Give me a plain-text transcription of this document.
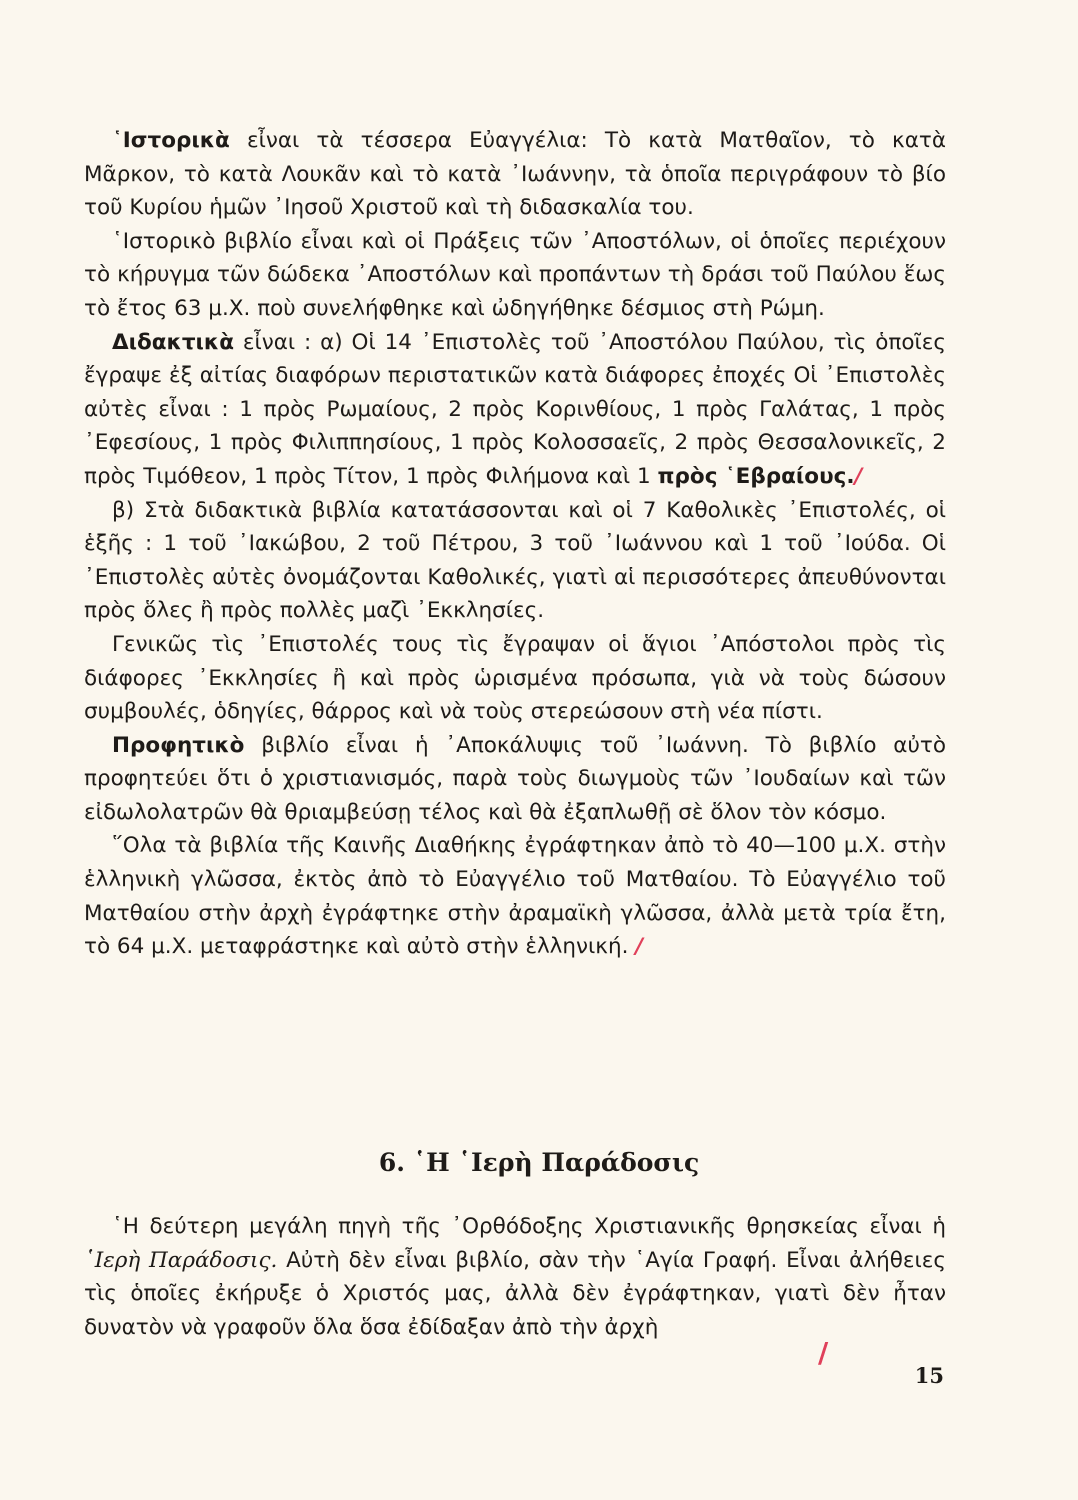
῾Ιστορικὰ εἶναι τὰ τέσσερα Εὐαγγέλια: Τὸ κατὰ Ματθαῖον, τὸ κατὰ Μᾶρκον, τὸ κατὰ Λουκᾶν καὶ τὸ κατὰ ᾿Ιωάννην, τὰ ὁποῖα περιγράφουν τὸ βίο τοῦ Κυρίου ἡμῶν ᾿Ιησοῦ Χριστοῦ καὶ τὴ διδασκαλία του.

῾Ιστορικὸ βιβλίο εἶναι καὶ οἱ Πράξεις τῶν ᾿Αποστόλων, οἱ ὁποῖες περιέχουν τὸ κήρυγμα τῶν δώδεκα ᾿Αποστόλων καὶ προπάντων τὴ δράσι τοῦ Παύλου ἕως τὸ ἔτος 63 μ.Χ. ποὺ συνελήφθηκε καὶ ὠδηγήθηκε δέσμιος στὴ Ρώμη.

Διδακτικὰ εἶναι : α) Οἱ 14 ᾿Επιστολὲς τοῦ ᾿Αποστόλου Παύλου, τὶς ὁποῖες ἔγραψε ἐξ αἰτίας διαφόρων περιστατικῶν κατὰ διάφορες ἐποχές Οἱ ᾿Επιστολὲς αὐτὲς εἶναι : 1 πρὸς Ρωμαίους, 2 πρὸς Κορινθίους, 1 πρὸς Γαλάτας, 1 πρὸς ᾿Εφεσίους, 1 πρὸς Φιλιππησίους, 1 πρὸς Κολοσσαεῖς, 2 πρὸς Θεσσαλονικεῖς, 2 πρὸς Τιμόθεον, 1 πρὸς Τίτον, 1 πρὸς Φιλήμονα καὶ 1 πρὸς ῾Εβραίους./

β) Στὰ διδακτικὰ βιβλία κατατάσσονται καὶ οἱ 7 Καθολικὲς ᾿Επιστολές, οἱ ἑξῆς : 1 τοῦ ᾿Ιακώβου, 2 τοῦ Πέτρου, 3 τοῦ ᾿Ιωάννου καὶ 1 τοῦ ᾿Ιούδα. Οἱ ᾿Επιστολὲς αὐτὲς ὀνομάζονται Καθολικές, γιατὶ αἱ περισσότερες ἀπευθύνονται πρὸς ὅλες ἢ πρὸς πολλὲς μαζὶ ᾿Εκκλησίες.

Γενικῶς τὶς ᾿Επιστολές τους τὶς ἔγραψαν οἱ ἅγιοι ᾿Απόστολοι πρὸς τὶς διάφορες ᾿Εκκλησίες ἢ καὶ πρὸς ὡρισμένα πρόσωπα, γιὰ νὰ τοὺς δώσουν συμβουλές, ὁδηγίες, θάρρος καὶ νὰ τοὺς στερεώσουν στὴ νέα πίστι.

Προφητικὸ βιβλίο εἶναι ἡ ᾿Αποκάλυψις τοῦ ᾿Ιωάννη. Τὸ βιβλίο αὐτὸ προφητεύει ὅτι ὁ χριστιανισμός, παρὰ τοὺς διωγμοὺς τῶν ᾿Ιουδαίων καὶ τῶν εἰδωλολατρῶν θὰ θριαμβεύσῃ τέλος καὶ θὰ ἐξαπλωθῇ σὲ ὅλον τὸν κόσμο.

῞Ολα τὰ βιβλία τῆς Καινῆς Διαθήκης ἐγράφτηκαν ἀπὸ τὸ 40—100 μ.Χ. στὴν ἑλληνικὴ γλῶσσα, ἐκτὸς ἀπὸ τὸ Εὐαγγέλιο τοῦ Ματθαίου. Τὸ Εὐαγγέλιο τοῦ Ματθαίου στὴν ἀρχὴ ἐγράφτηκε στὴν ἀραμαϊκὴ γλῶσσα, ἀλλὰ μετὰ τρία ἔτη, τὸ 64 μ.Χ. μεταφράστηκε καὶ αὐτὸ στὴν ἑλληνική. /

6. ῾Η ῾Ιερὴ Παράδοσις

῾Η δεύτερη μεγάλη πηγὴ τῆς ᾿Ορθόδοξης Χριστιανικῆς θρησκείας εἶναι ἡ ῾Ιερὴ Παράδοσις. Αὐτὴ δὲν εἶναι βιβλίο, σὰν τὴν ῾Αγία Γραφή. Εἶναι ἀλήθειες τὶς ὁποῖες ἐκήρυξε ὁ Χριστός μας, ἀλλὰ δὲν ἐγράφτηκαν, γιατὶ δὲν ἦταν δυνατὸν νὰ γραφοῦν ὅλα ὅσα ἐδίδαξαν ἀπὸ τὴν ἀρχὴ

/
15
